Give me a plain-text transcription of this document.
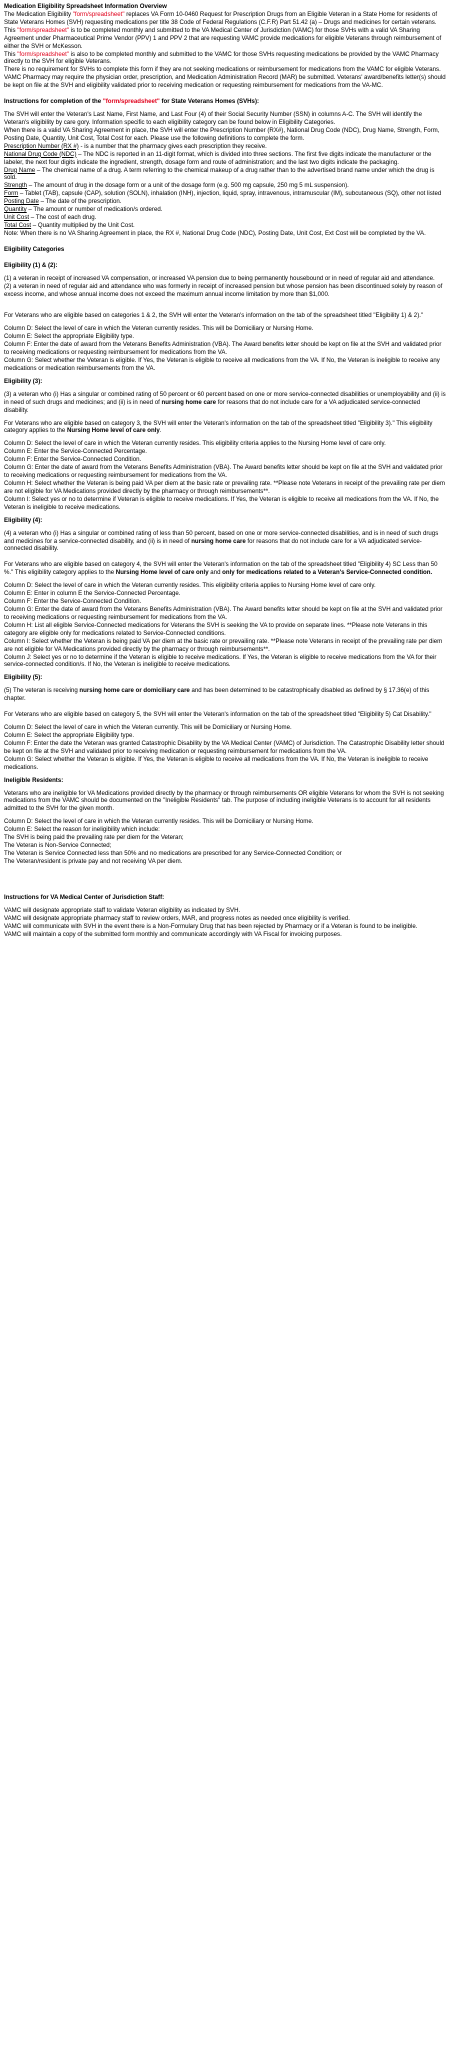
Medication Eligibility Spreadsheet Information Overview

The Medication Eligibility "form/spreadsheet" replaces VA Form 10-0460 Request for Prescription Drugs from an Eligible Veteran in a State Home for residents of State Veterans Homes (SVH) requesting medications per title 38 Code of Federal Regulations (C.F.R) Part 51.42 (a) – Drugs and medicines for certain veterans.

This "form/spreadsheet" is to be completed monthly and submitted to the VA Medical Center of Jurisdiction (VAMC) for those SVHs with a valid VA Sharing Agreement under Pharmaceutical Prime Vendor (PPV) 1 and PPV 2 that are requesting VAMC provide medications for eligible Veterans through reimbursement of either the SVH or McKesson.

This "form/spreadsheet" is also to be completed monthly and submitted to the VAMC for those SVHs requesting medications be provided by the VAMC Pharmacy directly to the SVH for eligible Veterans.

There is no requirement for SVHs to complete this form if they are not seeking medications or reimbursement for medications from the VAMC for eligible Veterans.

VAMC Pharmacy may require the physician order, prescription, and Medication Administration Record (MAR) be submitted. Veterans' award/benefits letter(s) should be kept on file at the SVH and eligibility validated prior to receiving medication or requesting reimbursement for medications from the VA-MC.

Instructions for completion of the "form/spreadsheet" for State Veterans Homes (SVHs):

The SVH will enter the Veteran's Last Name, First Name, and Last Four (4) of their Social Security Number (SSN) in columns A-C. The SVH will identify the Veteran's eligibility by care gory. Information specific to each eligibility category can be found below in Eligibility Categories.

When there is a valid VA Sharing Agreement in place, the SVH will enter the Prescription Number (RX#), National Drug Code (NDC), Drug Name, Strength, Form, Posting Date, Quantity, Unit Cost, Total Cost for each. Please use the following definitions to complete the form.

Prescription Number (RX #) - is a number that the pharmacy gives each prescription they receive.

National Drug Code (NDC) – The NDC is reported in an 11-digit format, which is divided into three sections. The first five digits indicate the manufacturer or the labeler, the next four digits indicate the ingredient, strength, dosage form and route of administration; and the last two digits indicate the packaging.

Drug Name – The chemical name of a drug. A term referring to the chemical makeup of a drug rather than to the advertised brand name under which the drug is sold.

Strength – The amount of drug in the dosage form or a unit of the dosage form (e.g. 500 mg capsule, 250 mg 5 mL suspension).

Form – Tablet (TAB), capsule (CAP), solution (SOLN), inhalation (INH), injection, liquid, spray, intravenous, intramuscular (IM), subcutaneous (SQ), other not listed

Posting Date – The date of the prescription.

Quantity – The amount or number of medication/s ordered.

Unit Cost – The cost of each drug.

Total Cost – Quantity multiplied by the Unit Cost.

Note: When there is no VA Sharing Agreement in place, the RX #, National Drug Code (NDC), Posting Date, Unit Cost, Ext Cost will be completed by the VA.

Eligibility Categories
Eligibility (1) & (2):

(1) a veteran in receipt of increased VA compensation, or increased VA pension due to being permanently housebound or in need of regular aid and attendance.

(2) a veteran in need of regular aid and attendance who was formerly in receipt of increased pension but whose pension has been discontinued solely by reason of excess income, and whose annual income does not exceed the maximum annual income limitation by more than $1,000.

For Veterans who are eligible based on categories 1 & 2, the SVH will enter the Veteran's information on the tab of the spreadsheet titled "Eligibility 1) & 2)."

Column D: Select the level of care in which the Veteran currently resides. This will be Domiciliary or Nursing Home.

Column E: Select the appropriate Eligibility type.

Column F: Enter the date of award from the Veterans Benefits Administration (VBA). The Award benefits letter should be kept on file at the SVH and validated prior to receiving medications or requesting reimbursement for medications from the VA.

Column G: Select whether the Veteran is eligible. If Yes, the Veteran is eligible to receive all medications from the VA. If No, the Veteran is ineligible to receive any medications or medication reimbursements from the VA.

Eligibility (3):

(3) a veteran who (i) Has a singular or combined rating of 50 percent or 60 percent based on one or more service-connected disabilities or unemployability and (ii) is in need of such drugs and medicines; and (ii) is in need of nursing home care for reasons that do not include care for a VA adjudicated service-connected disability.

For Veterans who are eligible based on category 3, the SVH will enter the Veteran's information on the tab of the spreadsheet titled "Eligibility 3)." This eligibility category applies to the Nursing Home level of care only.

Column D: Select the level of care in which the Veteran currently resides. This eligibility criteria applies to the Nursing Home level of care only.

Column E: Enter the Service-Connected Percentage.

Column F: Enter the Service-Connected Condition.

Column G: Enter the date of award from the Veterans Benefits Administration (VBA). The Award benefits letter should be kept on file at the SVH and validated prior to receiving medications or requesting reimbursement for medications from the VA.

Column H: Select whether the Veteran is being paid VA per diem at the basic rate or prevailing rate. **Please note Veterans in receipt of the prevailing rate per diem are not eligible for VA Medications provided directly by the pharmacy or through reimbursements**.

Column I: Select yes or no to determine if Veteran is eligible to receive medications. If Yes, the Veteran is eligible to receive all medications from the VA. If No, the Veteran is ineligible to receive medications.

Eligibility (4):

(4) a veteran who (i) Has a singular or combined rating of less than 50 percent, based on one or more service-connected disabilities, and is in need of such drugs and medicines for a service-connected disability, and (ii) is in need of nursing home care for reasons that do not include care for a VA adjudicated service-connected disability.

For Veterans who are eligible based on category 4, the SVH will enter the Veteran's information on the tab of the spreadsheet titled "Eligibility 4) SC Less than 50 %." This eligibility category applies to the Nursing Home level of care only and only for medications related to a Veteran's Service-Connected condition.

Column D: Select the level of care in which the Veteran currently resides. This eligibility criteria applies to Nursing Home level of care only.

Column E: Enter in column E the Service-Connected Percentage.

Column F: Enter the Service-Connected Condition.

Column G: Enter the date of award from the Veterans Benefits Administration (VBA). The Award benefits letter should be kept on file at the SVH and validated prior to receiving medications or requesting reimbursement for medications from the VA.

Column H: List all eligible Service-Connected medications for Veterans the SVH is seeking the VA to provide on separate lines. **Please note Veterans in this category are eligible only for medications related to Service-Connected conditions.

Column I: Select whether the Veteran is being paid VA per diem at the basic rate or prevailing rate. **Please note Veterans in receipt of the prevailing rate per diem are not eligible for VA Medications provided directly by the pharmacy or through reimbursements**.

Column J: Select yes or no to determine if the Veteran is eligible to receive medications. If Yes, the Veteran is eligible to receive medications from the VA for their service-connected condition/s. If No, the Veteran is ineligible to receive medications.

Eligibility (5):

(5) The veteran is receiving nursing home care or domiciliary care and has been determined to be catastrophically disabled as defined by § 17.36(e) of this chapter.

For Veterans who are eligible based on category 5, the SVH will enter the Veteran's information on the tab of the spreadsheet titled "Eligibility 5) Cat Disability."

Column D: Select the level of care in which the Veteran currently. This will be Domiciliary or Nursing Home.

Column E: Select the appropriate Eligibility type.

Column F: Enter the date the Veteran was granted Catastrophic Disability by the VA Medical Center (VAMC) of Jurisdiction. The Catastrophic Disability letter should be kept on file at the SVH and validated prior to receiving medication or requesting reimbursement for medications from the VA.

Column G: Select whether the Veteran is eligible. If Yes, the Veteran is eligible to receive all medications from the VA. If No, the Veteran is ineligible to receive medications.

Ineligible Residents:

Veterans who are ineligible for VA Medications provided directly by the pharmacy or through reimbursements OR eligible Veterans for whom the SVH is not seeking medications from the VAMC should be documented on the "Ineligible Residents" tab. The purpose of including ineligible Veterans is to account for all residents admitted to the SVH for the given month.

Column D: Select the level of care in which the Veteran currently resides. This will be Domiciliary or Nursing Home.

Column E: Select the reason for ineligibility which include:

The SVH is being paid the prevailing rate per diem for the Veteran;

The Veteran is Non-Service Connected;

The Veteran is Service Connected less than 50% and no medications are prescribed for any Service-Connected Condition; or

The Veteran/resident is private pay and not receiving VA per diem.

Instructions for VA Medical Center of Jurisdiction Staff:

VAMC will designate appropriate staff to validate Veteran eligibility as indicated by SVH.

VAMC will designate appropriate pharmacy staff to review orders, MAR, and progress notes as needed once eligibility is verified.

VAMC will communicate with SVH in the event there is a Non-Formulary Drug that has been rejected by Pharmacy or if a Veteran is found to be ineligible.

VAMC will maintain a copy of the submitted form monthly and communicate accordingly with VA Fiscal for invoicing purposes.
